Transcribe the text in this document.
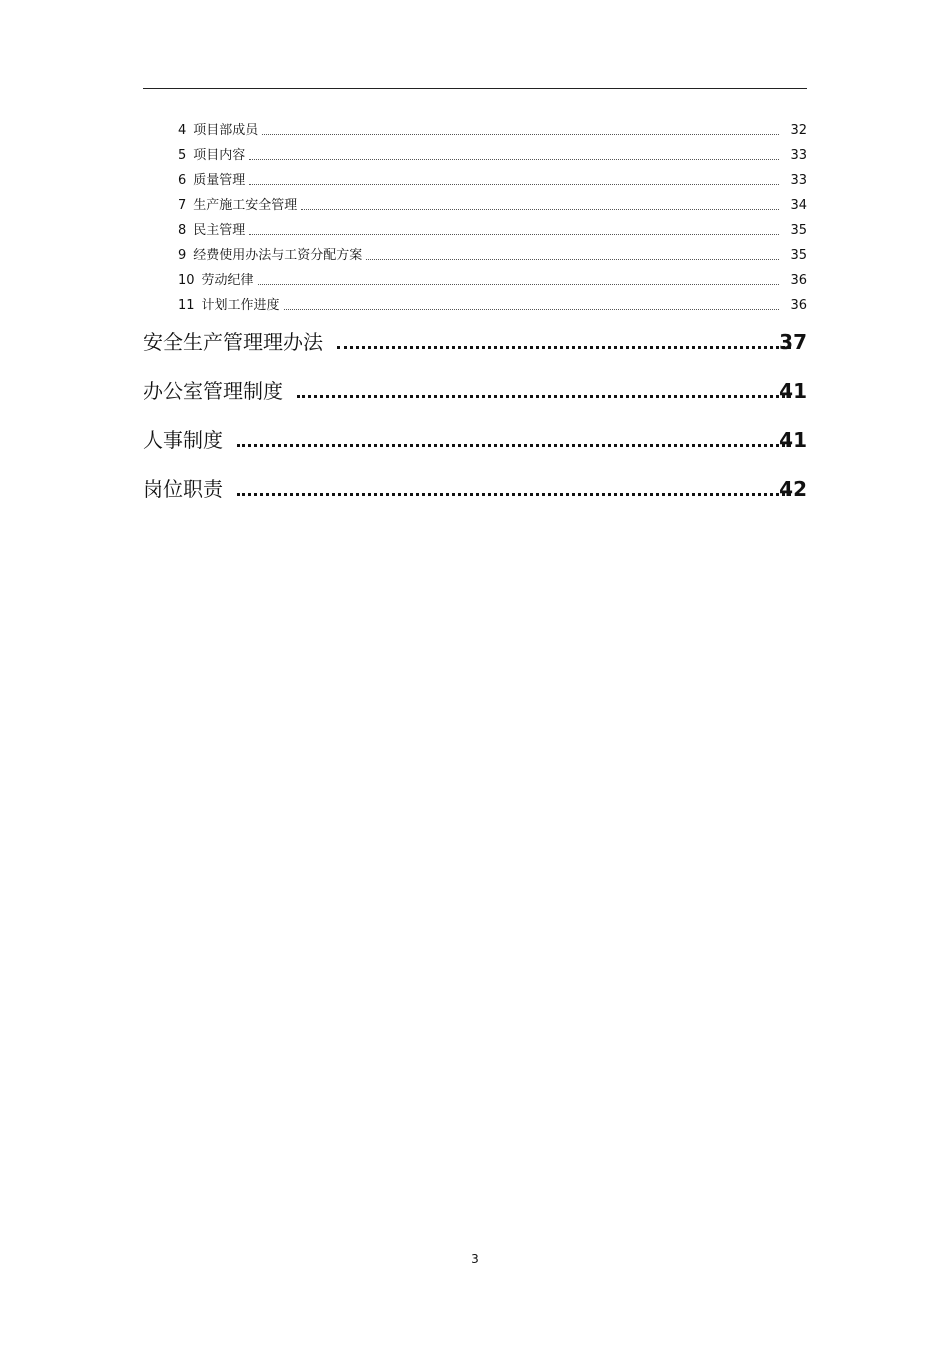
4 项目部成员	32
5 项目内容	33
6 质量管理	33
7 生产施工安全管理	34
8 民主管理	35
9 经费使用办法与工资分配方案	35
10 劳动纪律	36
11 计划工作进度	36
安全生产管理理办法	37
办公室管理制度	41
人事制度	41
岗位职责	42
3
